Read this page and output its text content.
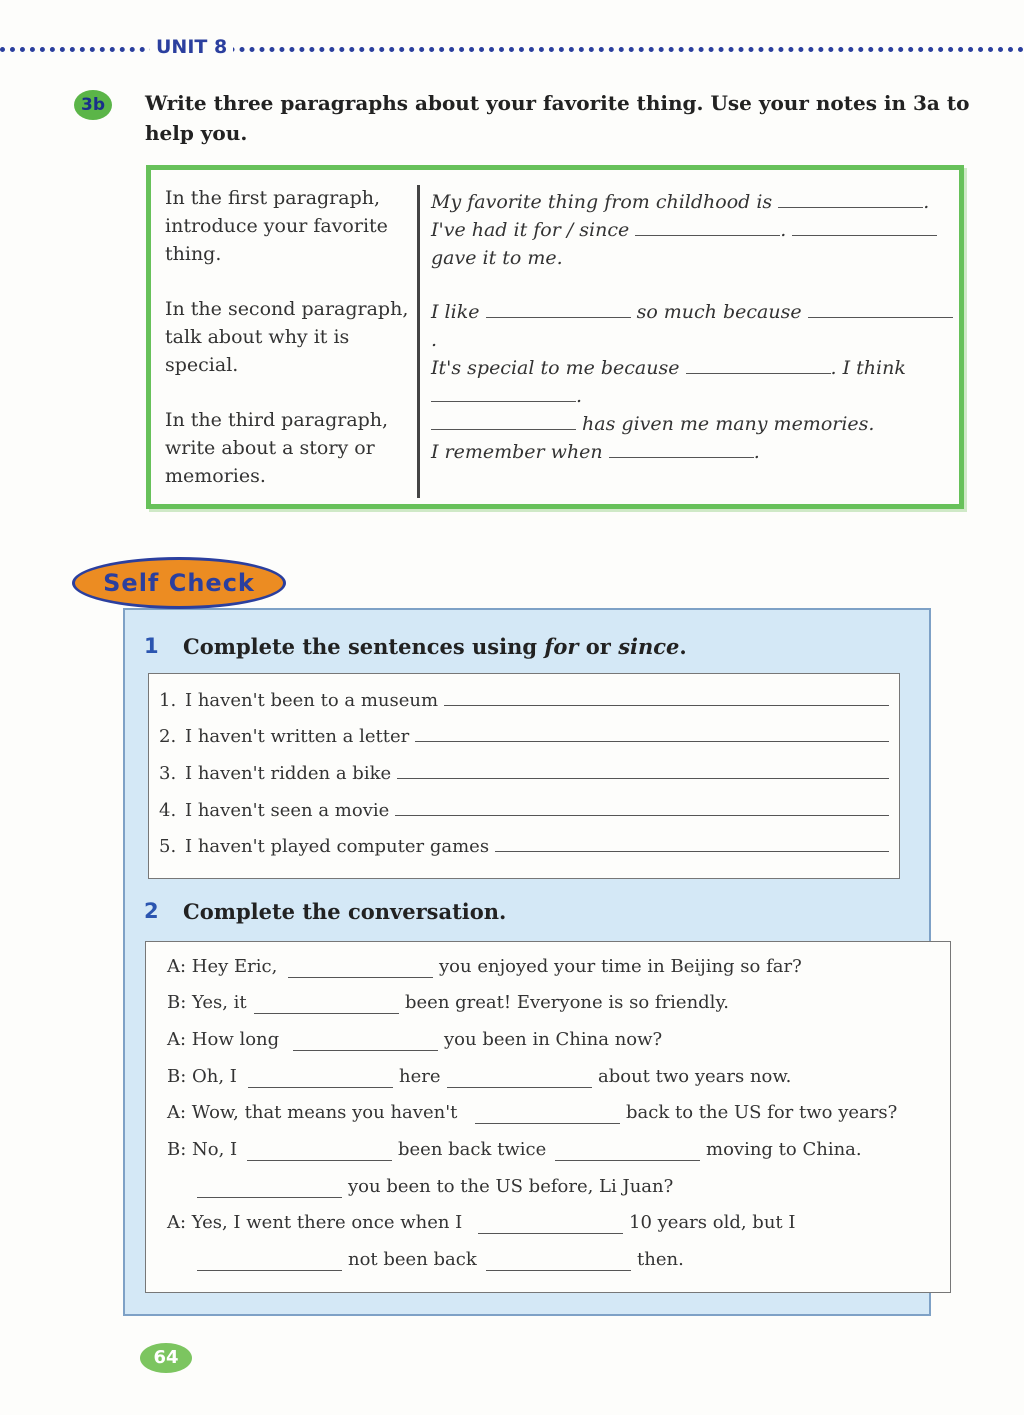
UNIT 8
3b	Write three paragraphs about your favorite thing. Use your notes in 3a to help you.
In the first paragraph, introduce your favorite thing.
In the second paragraph, talk about why it is special.
In the third paragraph, write about a story or memories.
My favorite thing from childhood is	.
I've had it for / since	.
gave it to me.
I like	so much because .
It's special to me because	. I think
.
has given me many memories.
I remember when	.
Self Check
1 Complete the sentences using for or since.
1. I haven't been to a museum
2. I haven't written a letter
3. I haven't ridden a bike
4. I haven't seen a movie
5. I haven't played computer games
2 Complete the conversation.
A: Hey Eric,	you enjoyed your time in Beijing so far?
B: Yes, it	been great! Everyone is so friendly.
A: How long	you been in China now?
B: Oh, I	here	about two years now.
A: Wow, that means you haven't	back to the US for two years?
B: No, I	been back twice	moving to China.
you been to the US before, Li Juan?
A: Yes, I went there once when I	10 years old, but I
not been back	then.
64
